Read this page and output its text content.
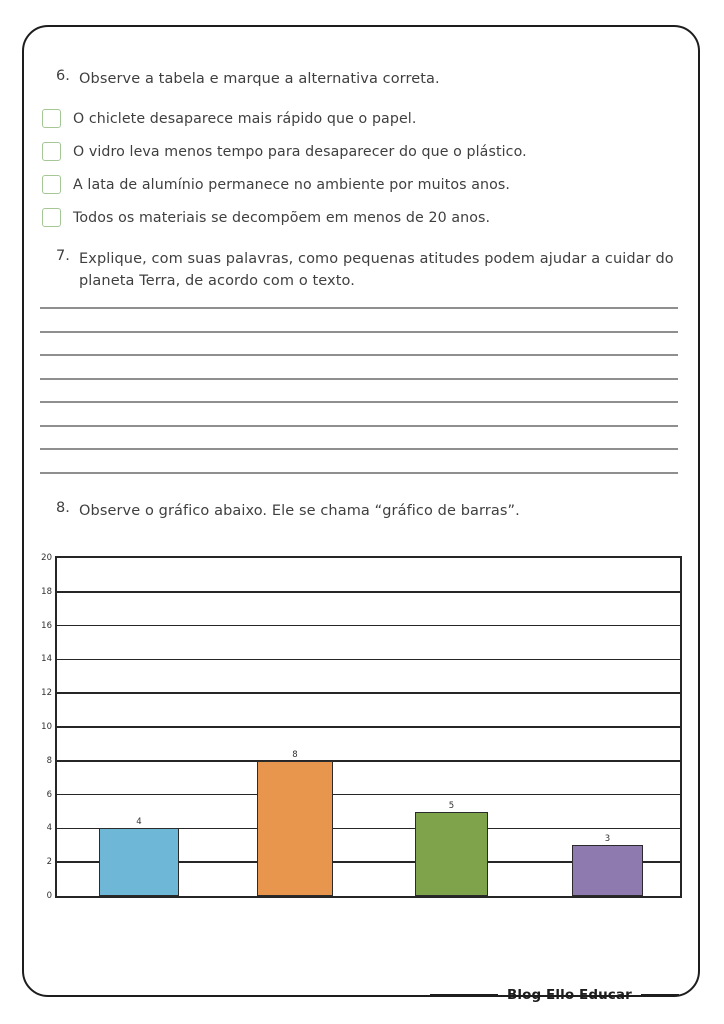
6. Observe a tabela e marque a alternativa correta.
O chiclete desaparece mais rápido que o papel.
O vidro leva menos tempo para desaparecer do que o plástico.
A lata de alumínio permanece no ambiente por muitos anos.
Todos os materiais se decompõem em menos de 20 anos.
7. Explique, com suas palavras, como pequenas atitudes podem ajudar a cuidar do planeta Terra, de acordo com o texto.
8. Observe o gráfico abaixo. Ele se chama “gráfico de barras”.
0
2
4
6
8
10
12
14
16
18
20
4
8
5
3
Blog Ello Educar
